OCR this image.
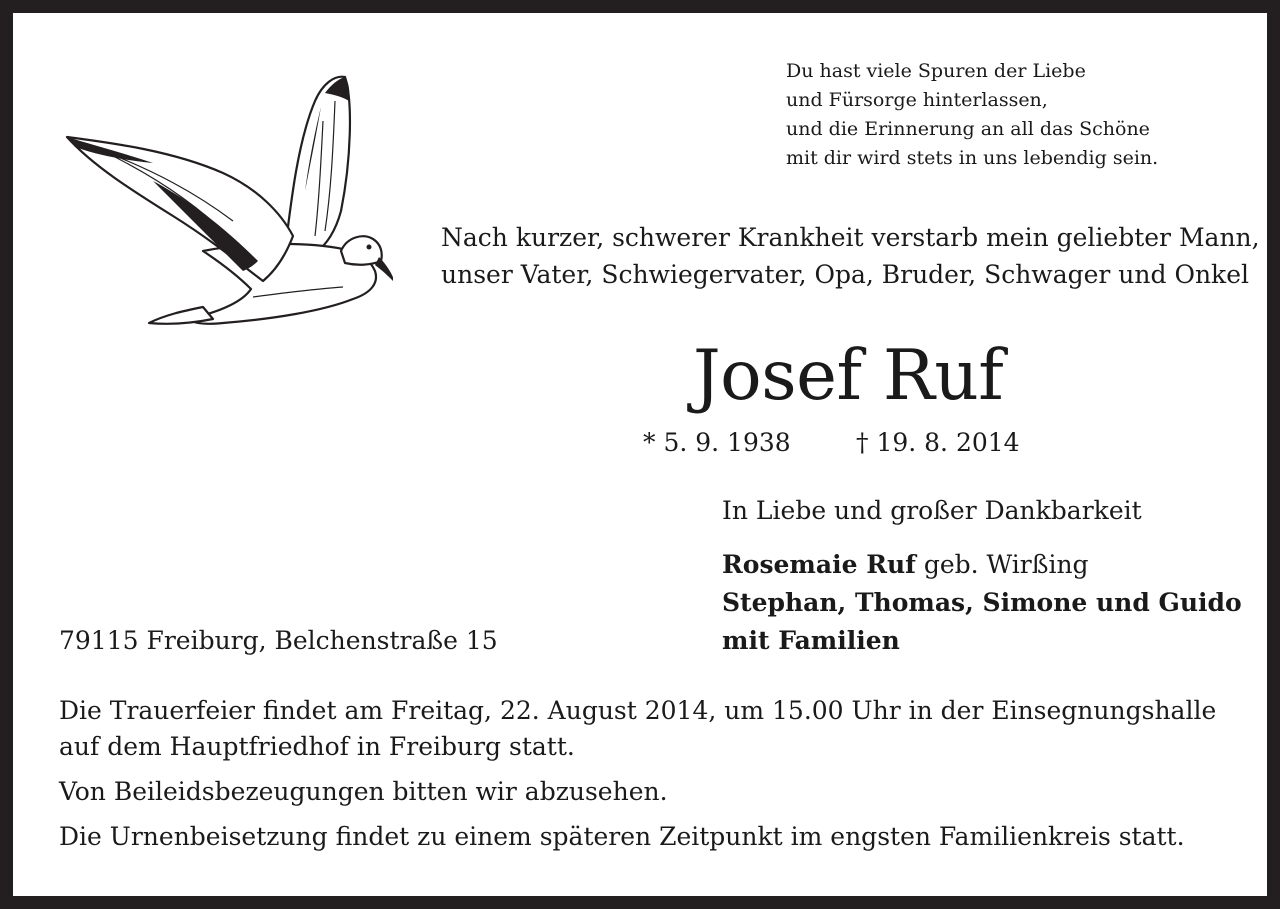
Du hast viele Spuren der Liebe
und Fürsorge hinterlassen,
und die Erinnerung an all das Schöne
mit dir wird stets in uns lebendig sein.
Nach kurzer, schwerer Krankheit verstarb mein geliebter Mann,
unser Vater, Schwiegervater, Opa, Bruder, Schwager und Onkel
Josef Ruf
* 5. 9. 1938	† 19. 8. 2014
In Liebe und großer Dankbarkeit
Rosemaie Ruf geb. Wirßing
Stephan, Thomas, Simone und Guido
mit Familien
79115 Freiburg, Belchenstraße 15

Die Trauerfeier findet am Freitag, 22. August 2014, um 15.00 Uhr in der Einsegnungshalle auf dem Hauptfriedhof in Freiburg statt.

Von Beileidsbezeugungen bitten wir abzusehen.

Die Urnenbeisetzung findet zu einem späteren Zeitpunkt im engsten Familienkreis statt.
